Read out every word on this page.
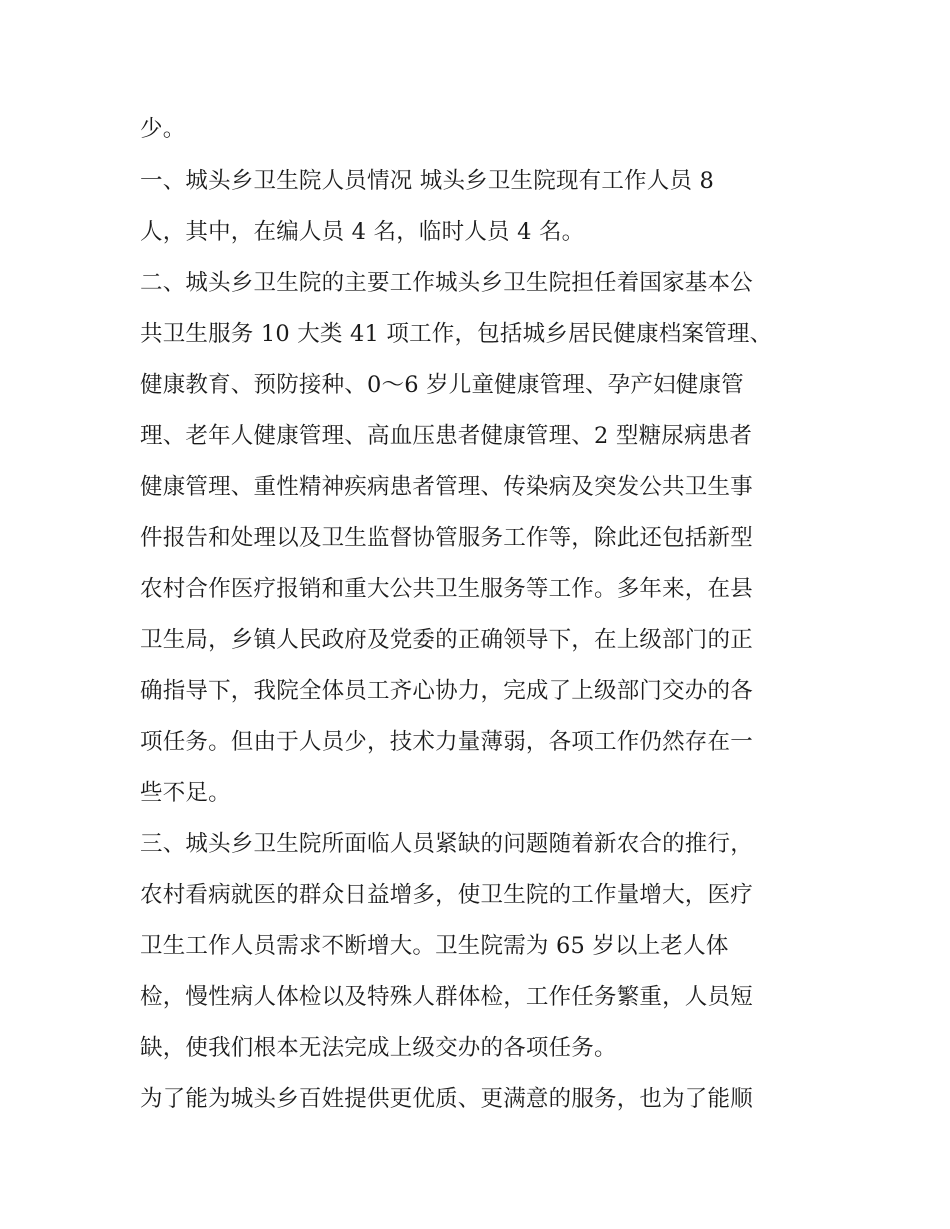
少。
一、城头乡卫生院人员情况 城头乡卫生院现有工作人员 8
人，其中，在编人员 4 名，临时人员 4 名。
二、城头乡卫生院的主要工作城头乡卫生院担任着国家基本公
共卫生服务 10 大类 41 项工作，包括城乡居民健康档案管理、
健康教育、预防接种、0～6 岁儿童健康管理、孕产妇健康管
理、老年人健康管理、高血压患者健康管理、2 型糖尿病患者
健康管理、重性精神疾病患者管理、传染病及突发公共卫生事
件报告和处理以及卫生监督协管服务工作等，除此还包括新型
农村合作医疗报销和重大公共卫生服务等工作。多年来，在县
卫生局，乡镇人民政府及党委的正确领导下，在上级部门的正
确指导下，我院全体员工齐心协力，完成了上级部门交办的各
项任务。但由于人员少，技术力量薄弱，各项工作仍然存在一
些不足。
三、城头乡卫生院所面临人员紧缺的问题随着新农合的推行，
农村看病就医的群众日益增多，使卫生院的工作量增大，医疗
卫生工作人员需求不断增大。卫生院需为 65 岁以上老人体
检，慢性病人体检以及特殊人群体检，工作任务繁重，人员短
缺，使我们根本无法完成上级交办的各项任务。
为了能为城头乡百姓提供更优质、更满意的服务，也为了能顺
